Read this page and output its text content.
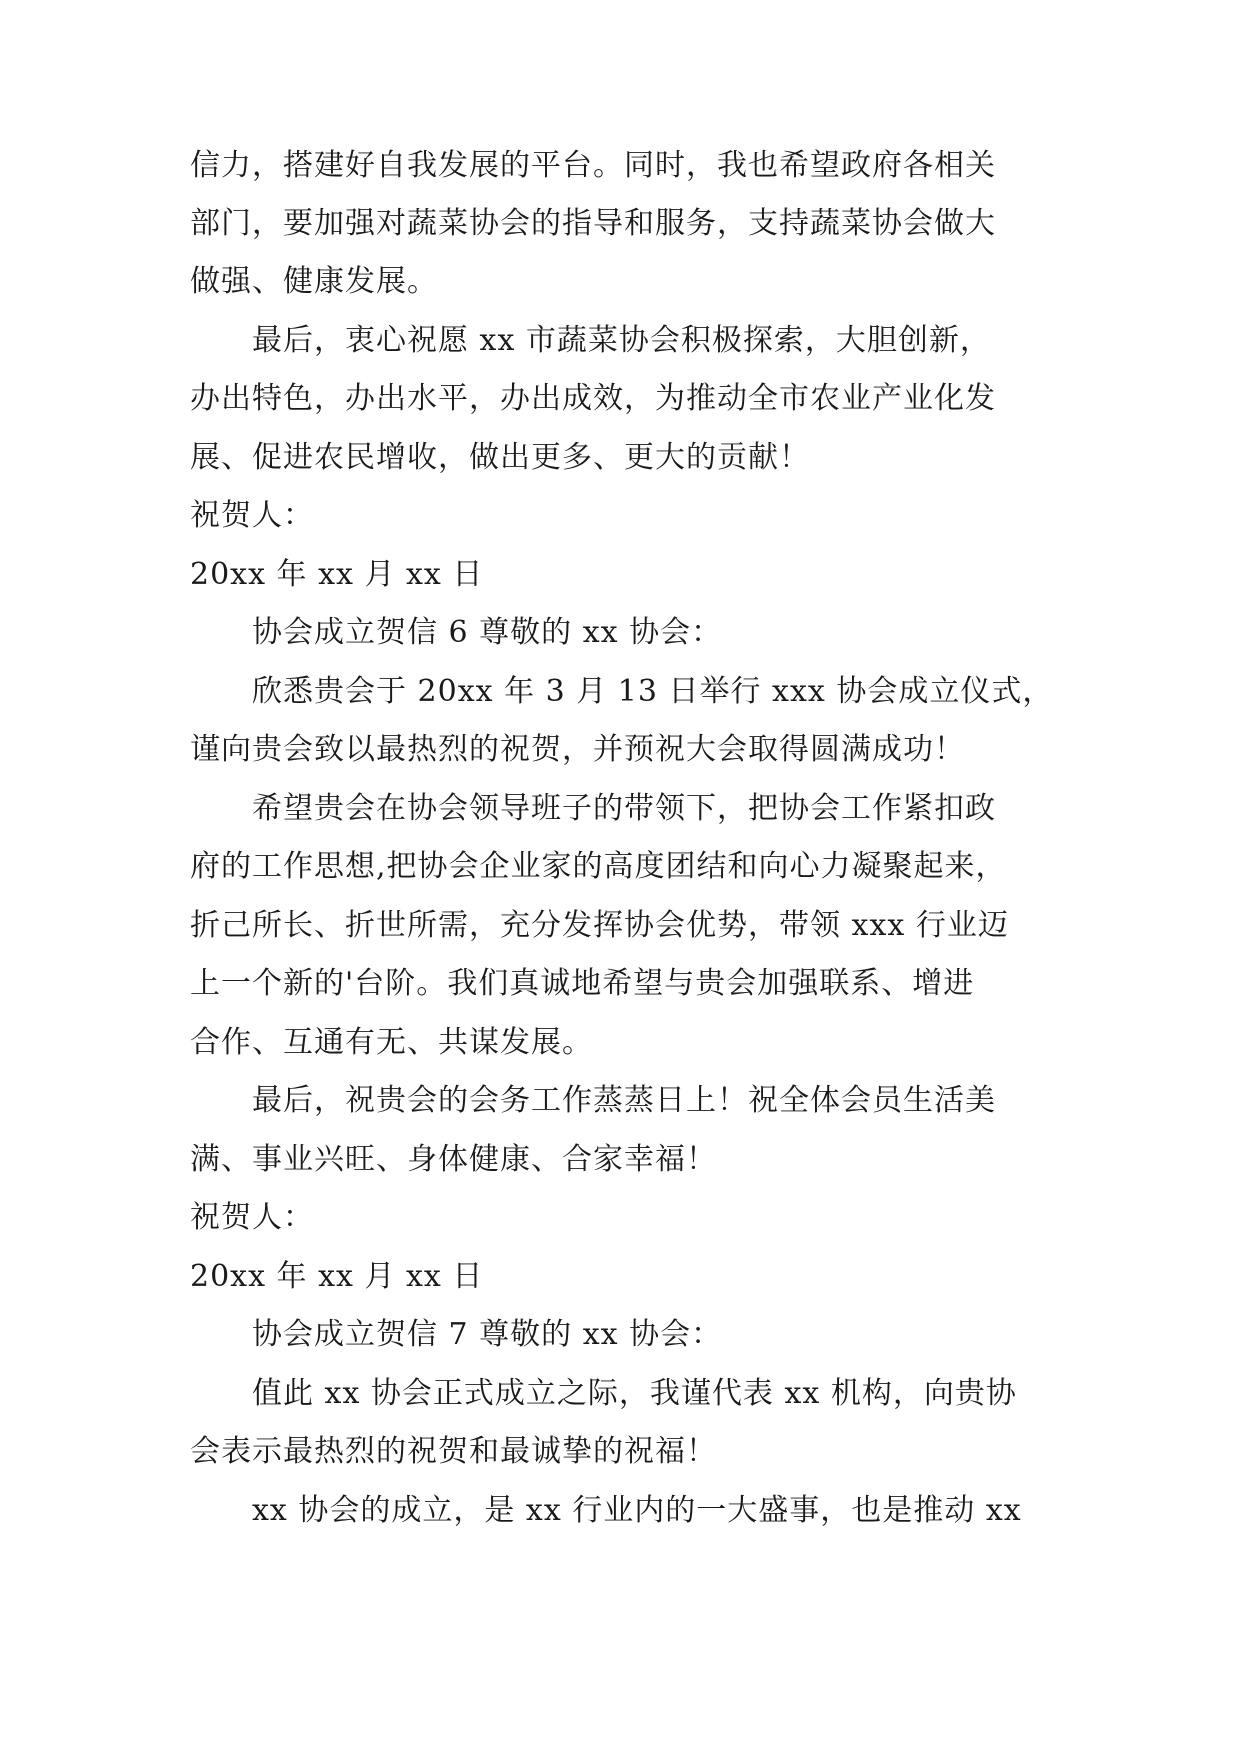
信力，搭建好自我发展的平台。同时，我也希望政府各相关
部门，要加强对蔬菜协会的指导和服务，支持蔬菜协会做大
做强、健康发展。
最后，衷心祝愿 xx 市蔬菜协会积极探索，大胆创新，
办出特色，办出水平，办出成效，为推动全市农业产业化发
展、促进农民增收，做出更多、更大的贡献！
祝贺人：
20xx 年 xx 月 xx 日
协会成立贺信 6 尊敬的 xx 协会：
欣悉贵会于 20xx 年 3 月 13 日举行 xxx 协会成立仪式，
谨向贵会致以最热烈的祝贺，并预祝大会取得圆满成功！
希望贵会在协会领导班子的带领下，把协会工作紧扣政
府的工作思想,把协会企业家的高度团结和向心力凝聚起来，
折己所长、折世所需，充分发挥协会优势，带领 xxx 行业迈
上一个新的'台阶。我们真诚地希望与贵会加强联系、增进
合作、互通有无、共谋发展。
最后，祝贵会的会务工作蒸蒸日上！祝全体会员生活美
满、事业兴旺、身体健康、合家幸福！
祝贺人：
20xx 年 xx 月 xx 日
协会成立贺信 7 尊敬的 xx 协会：
值此 xx 协会正式成立之际，我谨代表 xx 机构，向贵协
会表示最热烈的祝贺和最诚挚的祝福！
xx 协会的成立，是 xx 行业内的一大盛事，也是推动 xx
